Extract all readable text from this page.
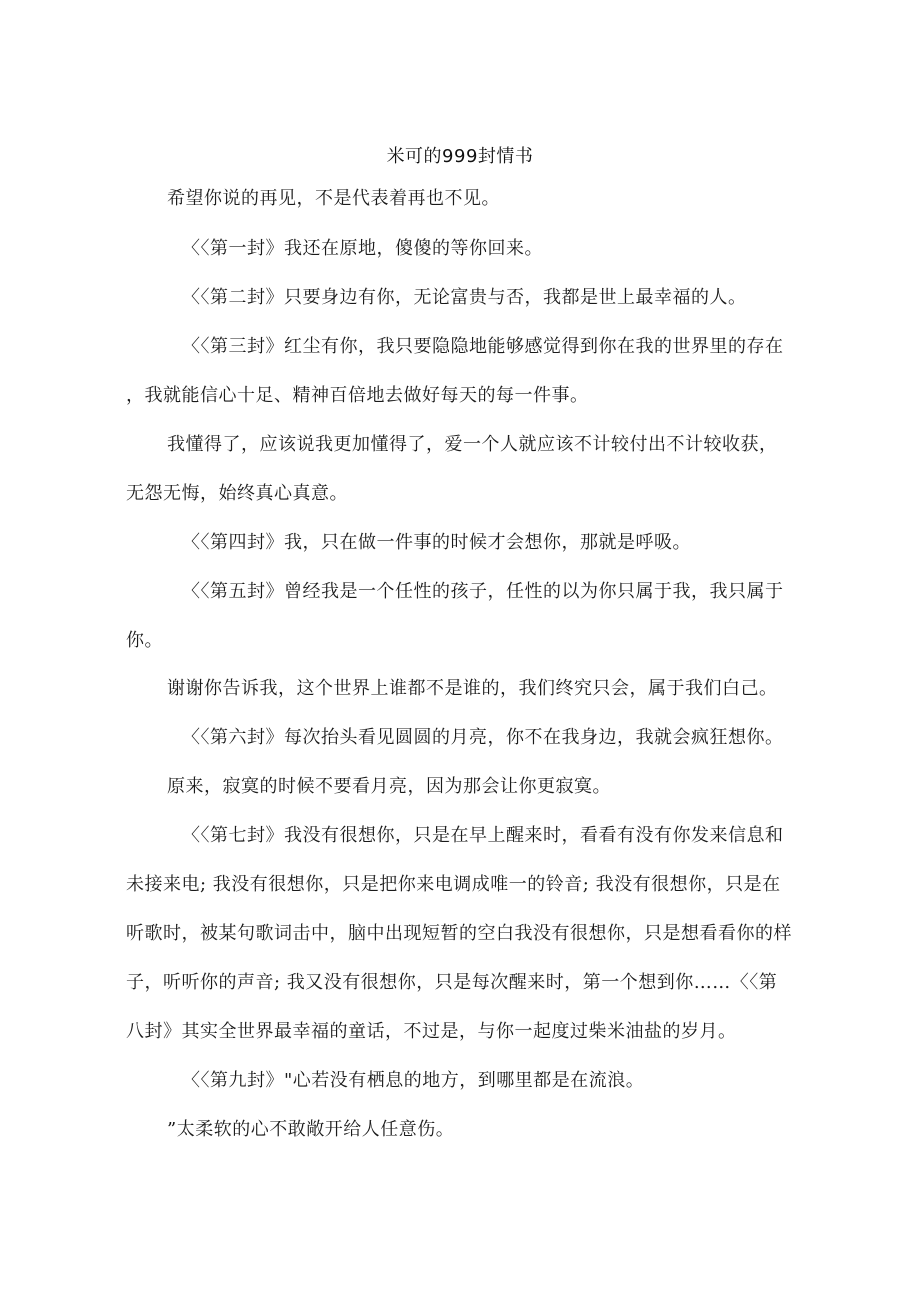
米可的999封情书
希望你说的再见，不是代表着再也不见。
〈〈第一封》我还在原地，傻傻的等你回来。
〈〈第二封》只要身边有你，无论富贵与否，我都是世上最幸福的人。
〈〈第三封》红尘有你，我只要隐隐地能够感觉得到你在我的世界里的存在
，我就能信心十足、精神百倍地去做好每天的每一件事。
我懂得了，应该说我更加懂得了，爱一个人就应该不计较付出不计较收获，
无怨无悔，始终真心真意。
〈〈第四封》我，只在做一件事的时候才会想你，那就是呼吸。
〈〈第五封》曾经我是一个任性的孩子，任性的以为你只属于我，我只属于
你。
谢谢你告诉我，这个世界上谁都不是谁的，我们终究只会，属于我们白己。
〈〈第六封》每次抬头看见圆圆的月亮，你不在我身边，我就会疯狂想你。
原来，寂寞的时候不要看月亮，因为那会让你更寂寞。
〈〈第七封》我没有很想你，只是在早上醒来时，看看有没有你发来信息和
未接来电; 我没有很想你，只是把你来电调成唯一的铃音; 我没有很想你，只是在
听歌时，被某句歌词击中，脑中出现短暂的空白我没有很想你，只是想看看你的样
子，听听你的声音; 我又没有很想你，只是每次醒来时，第一个想到你……〈〈第
八封》其实全世界最幸福的童话，不过是，与你一起度过柴米油盐的岁月。
〈〈第九封》"心若没有栖息的地方，到哪里都是在流浪。
”太柔软的心不敢敞开给人任意伤。
